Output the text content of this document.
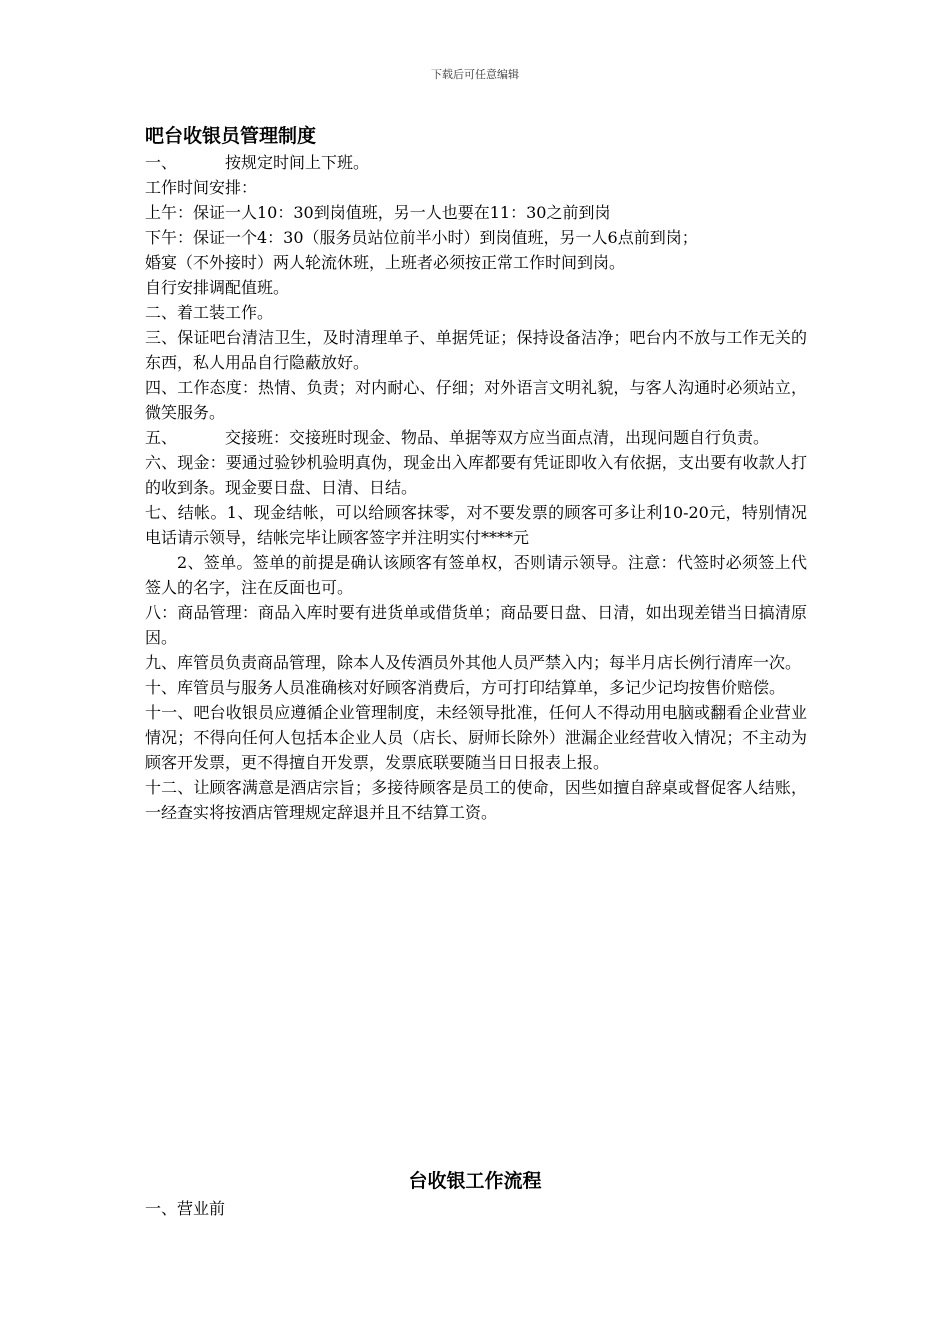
下载后可任意编辑
吧台收银员管理制度
一、	按规定时间上下班。
工作时间安排：
上午：保证一人10：30到岗值班，另一人也要在11：30之前到岗
下午：保证一个4：30（服务员站位前半小时）到岗值班，另一人6点前到岗；
婚宴（不外接时）两人轮流休班，上班者必须按正常工作时间到岗。
自行安排调配值班。
二、着工装工作。
三、保证吧台清洁卫生，及时清理单子、单据凭证；保持设备洁净；吧台内不放与工作无关的东西，私人用品自行隐蔽放好。
四、工作态度：热情、负责；对内耐心、仔细；对外语言文明礼貌，与客人沟通时必须站立，微笑服务。
五、	交接班：交接班时现金、物品、单据等双方应当面点清，出现问题自行负责。
六、现金：要通过验钞机验明真伪，现金出入库都要有凭证即收入有依据，支出要有收款人打的收到条。现金要日盘、日清、日结。
七、结帐。1、现金结帐，可以给顾客抹零，对不要发票的顾客可多让利10-20元，特别情况电话请示领导，结帐完毕让顾客签字并注明实付****元
2、签单。签单的前提是确认该顾客有签单权，否则请示领导。注意：代签时必须签上代签人的名字，注在反面也可。
八：商品管理：商品入库时要有进货单或借货单；商品要日盘、日清，如出现差错当日搞清原因。
九、库管员负责商品管理，除本人及传酒员外其他人员严禁入内；每半月店长例行清库一次。
十、库管员与服务人员准确核对好顾客消费后，方可打印结算单，多记少记均按售价赔偿。
十一、吧台收银员应遵循企业管理制度，未经领导批准，任何人不得动用电脑或翻看企业营业情况；不得向任何人包括本企业人员（店长、厨师长除外）泄漏企业经营收入情况；不主动为顾客开发票，更不得擅自开发票，发票底联要随当日日报表上报。
十二、让顾客满意是酒店宗旨；多接待顾客是员工的使命，因些如擅自辞桌或督促客人结账，一经查实将按酒店管理规定辞退并且不结算工资。
台收银工作流程
一、营业前
